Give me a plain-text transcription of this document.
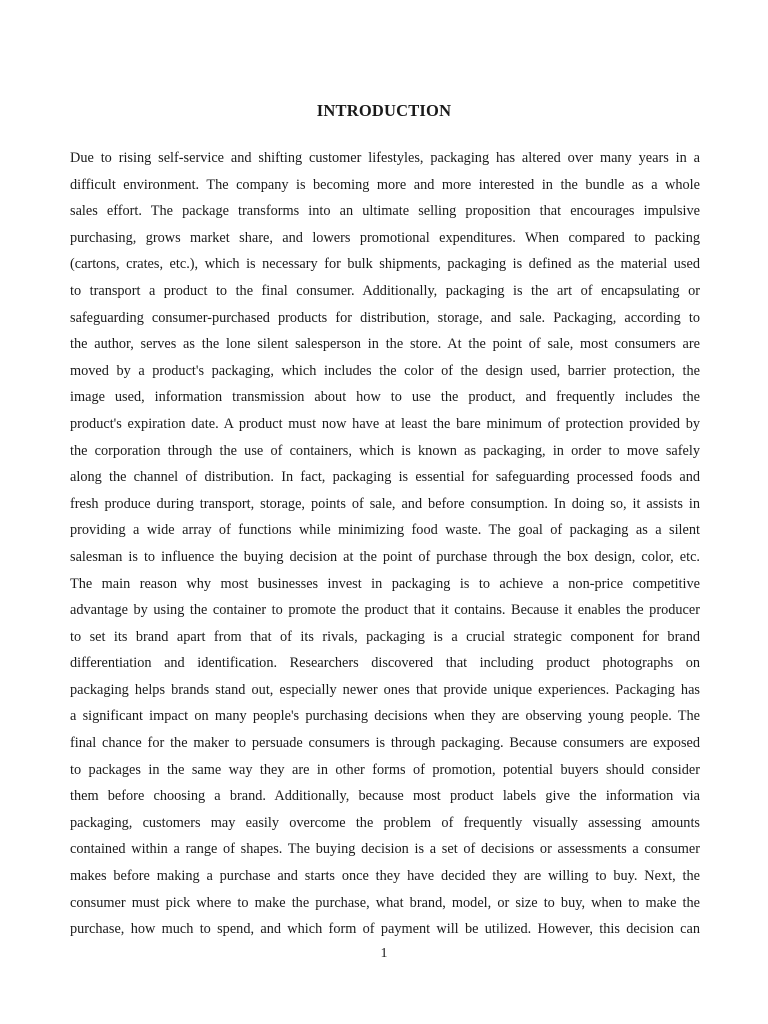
INTRODUCTION
Due to rising self-service and shifting customer lifestyles, packaging has altered over many years in a
difficult environment. The company is becoming more and more interested in the bundle as a whole
sales effort. The package transforms into an ultimate selling proposition that encourages impulsive
purchasing, grows market share, and lowers promotional expenditures. When compared to packing
(cartons, crates, etc.), which is necessary for bulk shipments, packaging is defined as the material used
to transport a product to the final consumer. Additionally, packaging is the art of encapsulating or
safeguarding consumer-purchased products for distribution, storage, and sale. Packaging, according to
the author, serves as the lone silent salesperson in the store. At the point of sale, most consumers are
moved by a product's packaging, which includes the color of the design used, barrier protection, the
image used, information transmission about how to use the product, and frequently includes the
product's expiration date. A product must now have at least the bare minimum of protection provided by
the corporation through the use of containers, which is known as packaging, in order to move safely
along the channel of distribution. In fact, packaging is essential for safeguarding processed foods and
fresh produce during transport, storage, points of sale, and before consumption. In doing so, it assists in
providing a wide array of functions while minimizing food waste. The goal of packaging as a silent
salesman is to influence the buying decision at the point of purchase through the box design, color, etc.
The main reason why most businesses invest in packaging is to achieve a non-price competitive
advantage by using the container to promote the product that it contains. Because it enables the producer
to set its brand apart from that of its rivals, packaging is a crucial strategic component for brand
differentiation and identification. Researchers discovered that including product photographs on
packaging helps brands stand out, especially newer ones that provide unique experiences. Packaging has
a significant impact on many people's purchasing decisions when they are observing young people. The
final chance for the maker to persuade consumers is through packaging. Because consumers are exposed
to packages in the same way they are in other forms of promotion, potential buyers should consider
them before choosing a brand. Additionally, because most product labels give the information via
packaging, customers may easily overcome the problem of frequently visually assessing amounts
contained within a range of shapes. The buying decision is a set of decisions or assessments a consumer
makes before making a purchase and starts once they have decided they are willing to buy. Next, the
consumer must pick where to make the purchase, what brand, model, or size to buy, when to make the
purchase, how much to spend, and which form of payment will be utilized. However, this decision can
1
